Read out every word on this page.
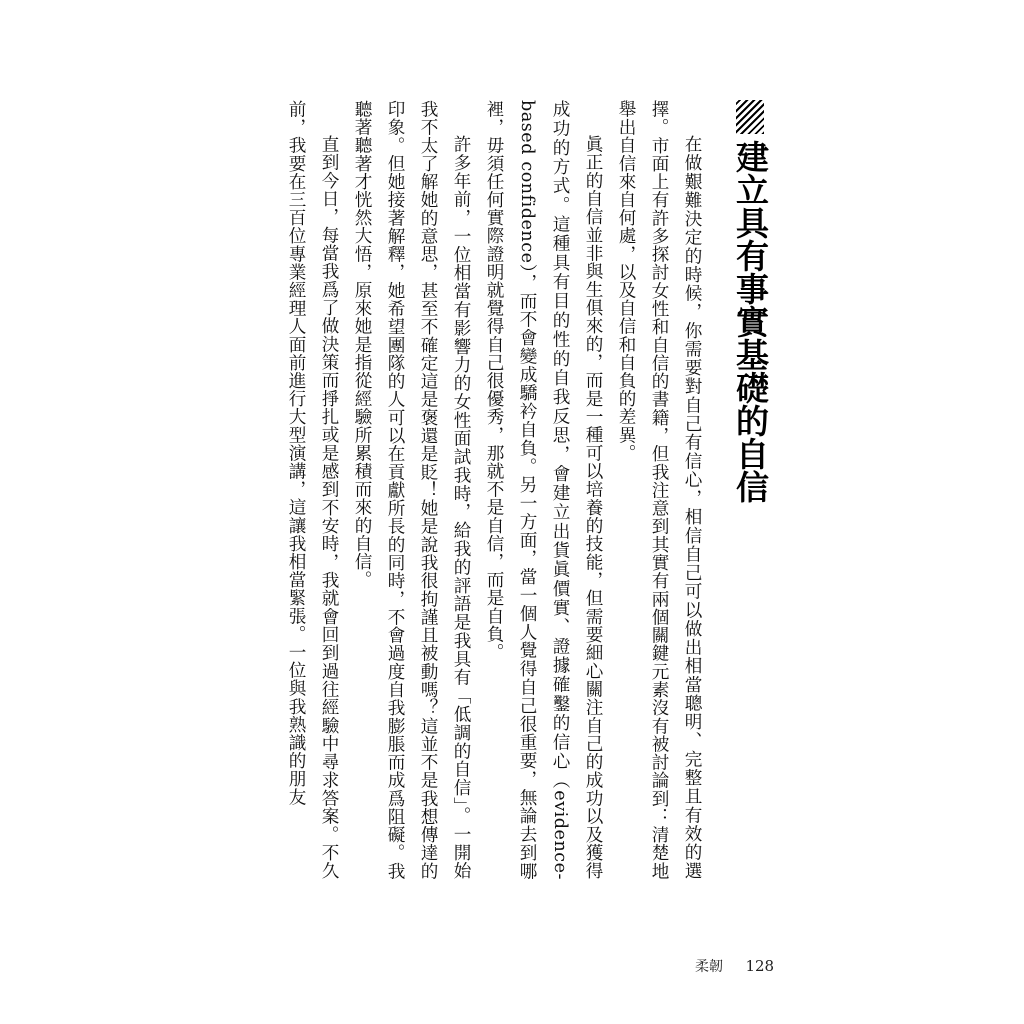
建立具有事實基礎的自信

在做艱難決定的時候，你需要對自己有信心，相信自己可以做出相當聰明、完整且有效的選擇。市面上有許多探討女性和自信的書籍，但我注意到其實有兩個關鍵元素沒有被討論到：清楚地舉出自信來自何處，以及自信和自負的差異。

眞正的自信並非與生俱來的，而是一種可以培養的技能，但需要細心關注自己的成功以及獲得成功的方式。這種具有目的性的自我反思，會建立出貨眞價實、證據確鑿的信心（evidence-based confidence），而不會變成驕衿自負。另一方面，當一個人覺得自己很重要，無論去到哪裡，毋須任何實際證明就覺得自己很優秀，那就不是自信，而是自負。

許多年前，一位相當有影響力的女性面試我時，給我的評語是我具有「低調的自信」。一開始我不太了解她的意思，甚至不確定這是褒還是貶！她是說我很拘謹且被動嗎？這並不是我想傳達的印象。但她接著解釋，她希望團隊的人可以在貢獻所長的同時，不會過度自我膨脹而成爲阻礙。我聽著聽著才恍然大悟，原來她是指從經驗所累積而來的自信。

直到今日，每當我爲了做決策而掙扎或是感到不安時，我就會回到過往經驗中尋求答案。不久前，我要在三百位專業經理人面前進行大型演講，這讓我相當緊張。一位與我熟識的朋友

柔韌 128
